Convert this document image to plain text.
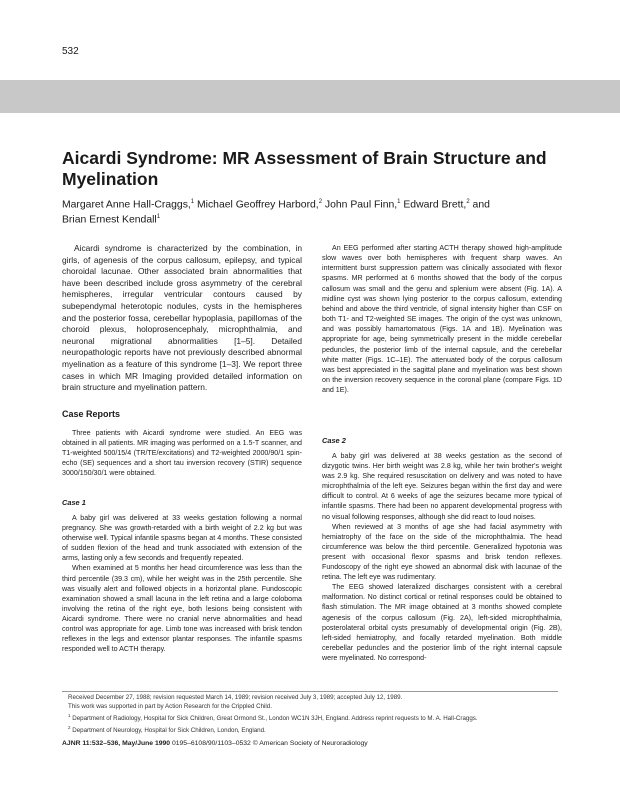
532
Aicardi Syndrome: MR Assessment of Brain Structure and Myelination

Margaret Anne Hall-Craggs,$^1$ Michael Geoffrey Harbord,$^2$ John Paul Finn,$^1$ Edward Brett,$^2$ and
Brian Ernest Kendall$^1$

Aicardi syndrome is characterized by the combination, in girls, of agenesis of the corpus callosum, epilepsy, and typical choroidal lacunae. Other associated brain abnormalities that have been described include gross asymmetry of the cerebral hemispheres, irregular ventricular contours caused by subependymal heterotopic nodules, cysts in the hemispheres and the posterior fossa, cerebellar hypoplasia, papillomas of the choroid plexus, holoprosencephaly, microphthalmia, and neuronal migrational abnormalities [1–5]. Detailed neuropathologic reports have not previously described abnormal myelination as a feature of this syndrome [1–3]. We report three cases in which MR Imaging provided detailed information on brain structure and myelination pattern.

Case Reports

Three patients with Aicardi syndrome were studied. An EEG was obtained in all patients. MR imaging was performed on a 1.5-T scanner, and T1-weighted 500/15/4 (TR/TE/excitations) and T2-weighted 2000/90/1 spin-echo (SE) sequences and a short tau inversion recovery (STIR) sequence 3000/150/30/1 were obtained.

Case 1

A baby girl was delivered at 33 weeks gestation following a normal pregnancy. She was growth-retarded with a birth weight of 2.2 kg but was otherwise well. Typical infantile spasms began at 4 months. These consisted of sudden flexion of the head and trunk associated with extension of the arms, lasting only a few seconds and frequently repeated.

When examined at 5 months her head circumference was less than the third percentile (39.3 cm), while her weight was in the 25th percentile. She was visually alert and followed objects in a horizontal plane. Fundoscopic examination showed a small lacuna in the left retina and a large coloboma involving the retina of the right eye, both lesions being consistent with Aicardi syndrome. There were no cranial nerve abnormalities and head control was appropriate for age. Limb tone was increased with brisk tendon reflexes in the legs and extensor plantar responses. The infantile spasms responded well to ACTH therapy.

An EEG performed after starting ACTH therapy showed high-amplitude slow waves over both hemispheres with frequent sharp waves. An intermittent burst suppression pattern was clinically associated with flexor spasms. MR performed at 6 months showed that the body of the corpus callosum was small and the genu and splenium were absent (Fig. 1A). A midline cyst was shown lying posterior to the corpus callosum, extending behind and above the third ventricle, of signal intensity higher than CSF on both T1- and T2-weighted SE images. The origin of the cyst was unknown, and was possibly hamartomatous (Figs. 1A and 1B). Myelination was appropriate for age, being symmetrically present in the middle cerebellar peduncles, the posterior limb of the internal capsule, and the cerebellar white matter (Figs. 1C–1E). The attenuated body of the corpus callosum was best appreciated in the sagittal plane and myelination was best shown on the inversion recovery sequence in the coronal plane (compare Figs. 1D and 1E).

Case 2

A baby girl was delivered at 38 weeks gestation as the second of dizygotic twins. Her birth weight was 2.8 kg, while her twin brother's weight was 2.9 kg. She required resuscitation on delivery and was noted to have microphthalmia of the left eye. Seizures began within the first day and were difficult to control. At 6 weeks of age the seizures became more typical of infantile spasms. There had been no apparent developmental progress with no visual following responses, although she did react to loud noises.

When reviewed at 3 months of age she had facial asymmetry with hemiatrophy of the face on the side of the microphthalmia. The head circumference was below the third percentile. Generalized hypotonia was present with occasional flexor spasms and brisk tendon reflexes. Fundoscopy of the right eye showed an abnormal disk with lacunae of the retina. The left eye was rudimentary.

The EEG showed lateralized discharges consistent with a cerebral malformation. No distinct cortical or retinal responses could be obtained to flash stimulation. The MR image obtained at 3 months showed complete agenesis of the corpus callosum (Fig. 2A), left-sided microphthalmia, posterolateral orbital cysts presumably of developmental origin (Fig. 2B), left-sided hemiatrophy, and focally retarded myelination. Both middle cerebellar peduncles and the posterior limb of the right internal capsule were myelinated. No correspond-

Received December 27, 1988; revision requested March 14, 1989; revision received July 3, 1989; accepted July 12, 1989.

This work was supported in part by Action Research for the Crippled Child.

$^1$ Department of Radiology, Hospital for Sick Children, Great Ormond St., London WC1N 3JH, England. Address reprint requests to M. A. Hall-Craggs.

$^2$ Department of Neurology, Hospital for Sick Children, London, England.

AJNR 11:532–536, May/June 1990 0195–6108/90/1103–0532 © American Society of Neuroradiology
